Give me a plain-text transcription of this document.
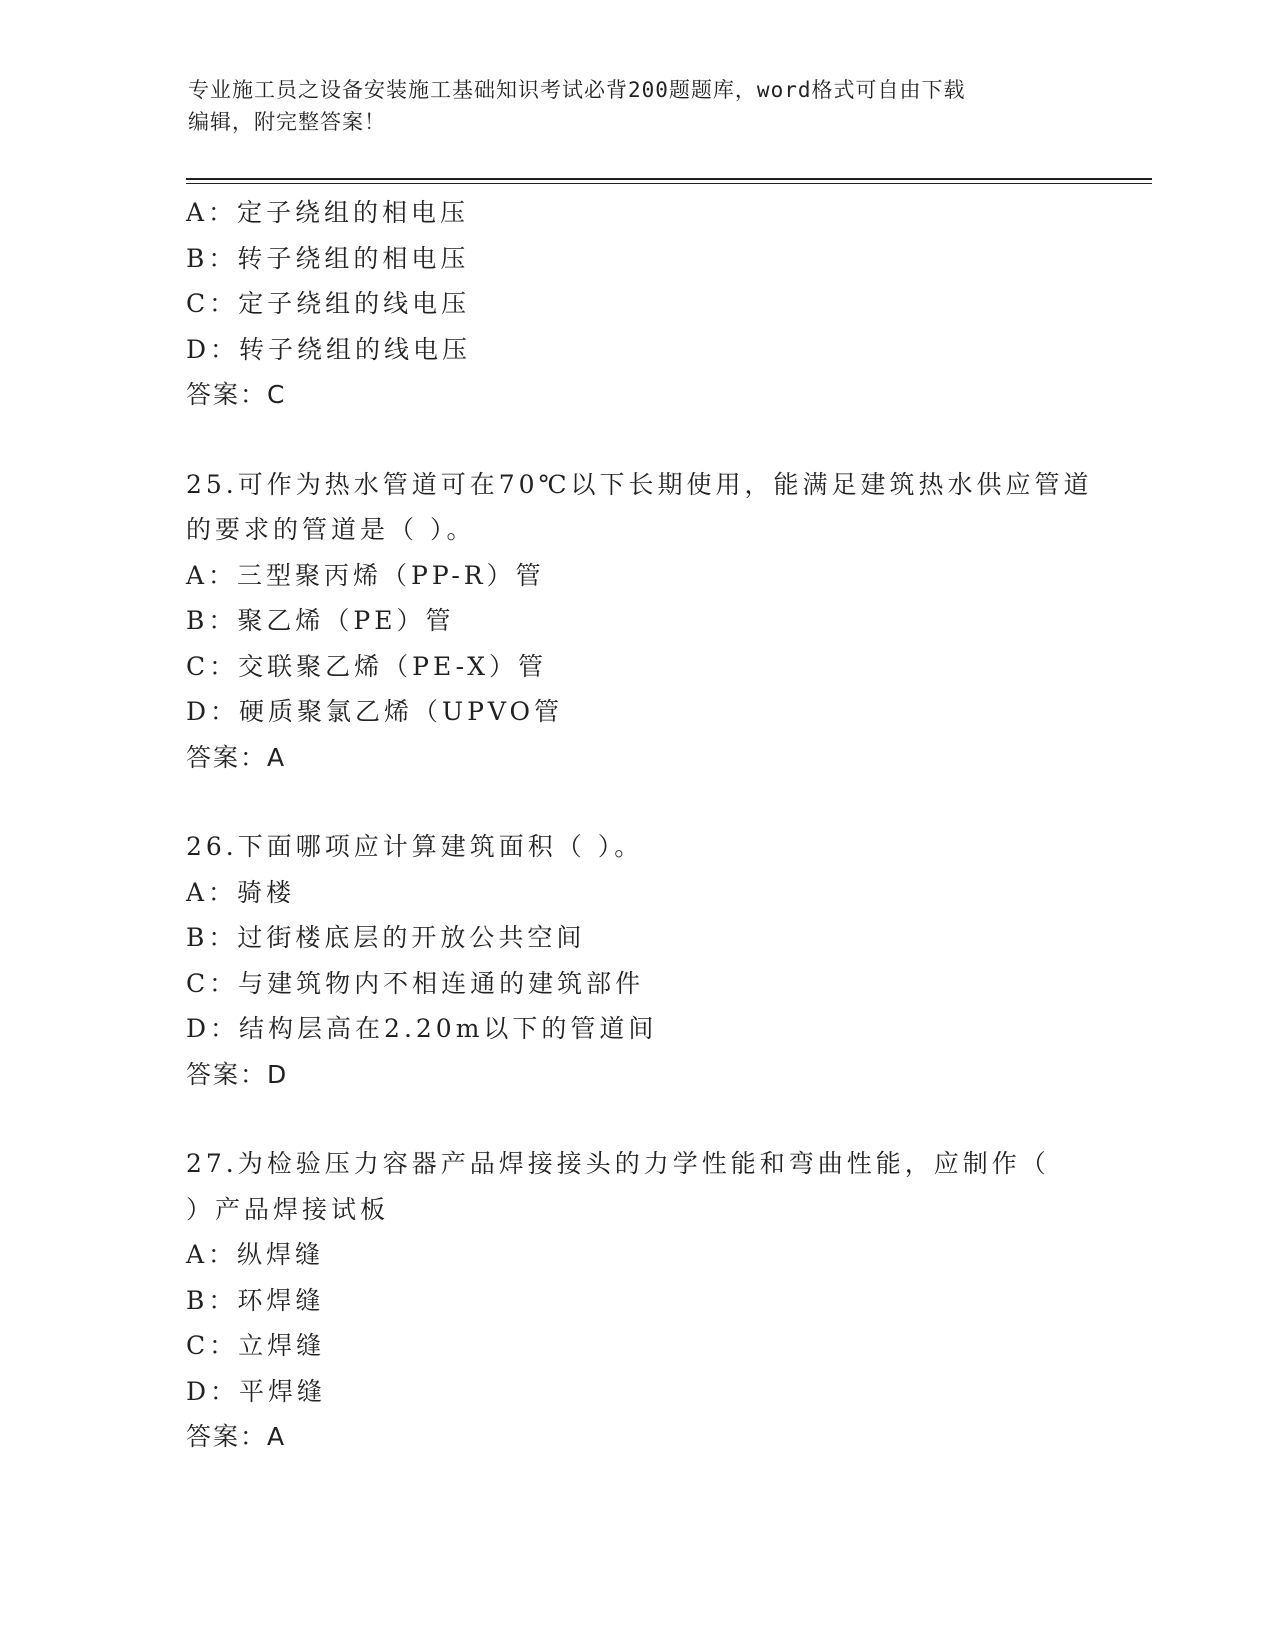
专业施工员之设备安装施工基础知识考试必背200题题库，word格式可自由下载
编辑，附完整答案！
A：定子绕组的相电压
B：转子绕组的相电压
C：定子绕组的线电压
D：转子绕组的线电压
答案：C
25.可作为热水管道可在70℃以下长期使用，能满足建筑热水供应管道
的要求的管道是（ ）。
A：三型聚丙烯（PP-R）管
B：聚乙烯（PE）管
C：交联聚乙烯（PE-X）管
D：硬质聚氯乙烯（UPVO管
答案：A
26.下面哪项应计算建筑面积（ ）。
A：骑楼
B：过街楼底层的开放公共空间
C：与建筑物内不相连通的建筑部件
D：结构层高在2.20m以下的管道间
答案：D
27.为检验压力容器产品焊接接头的力学性能和弯曲性能，应制作（
）产品焊接试板
A：纵焊缝
B：环焊缝
C：立焊缝
D：平焊缝
答案：A
